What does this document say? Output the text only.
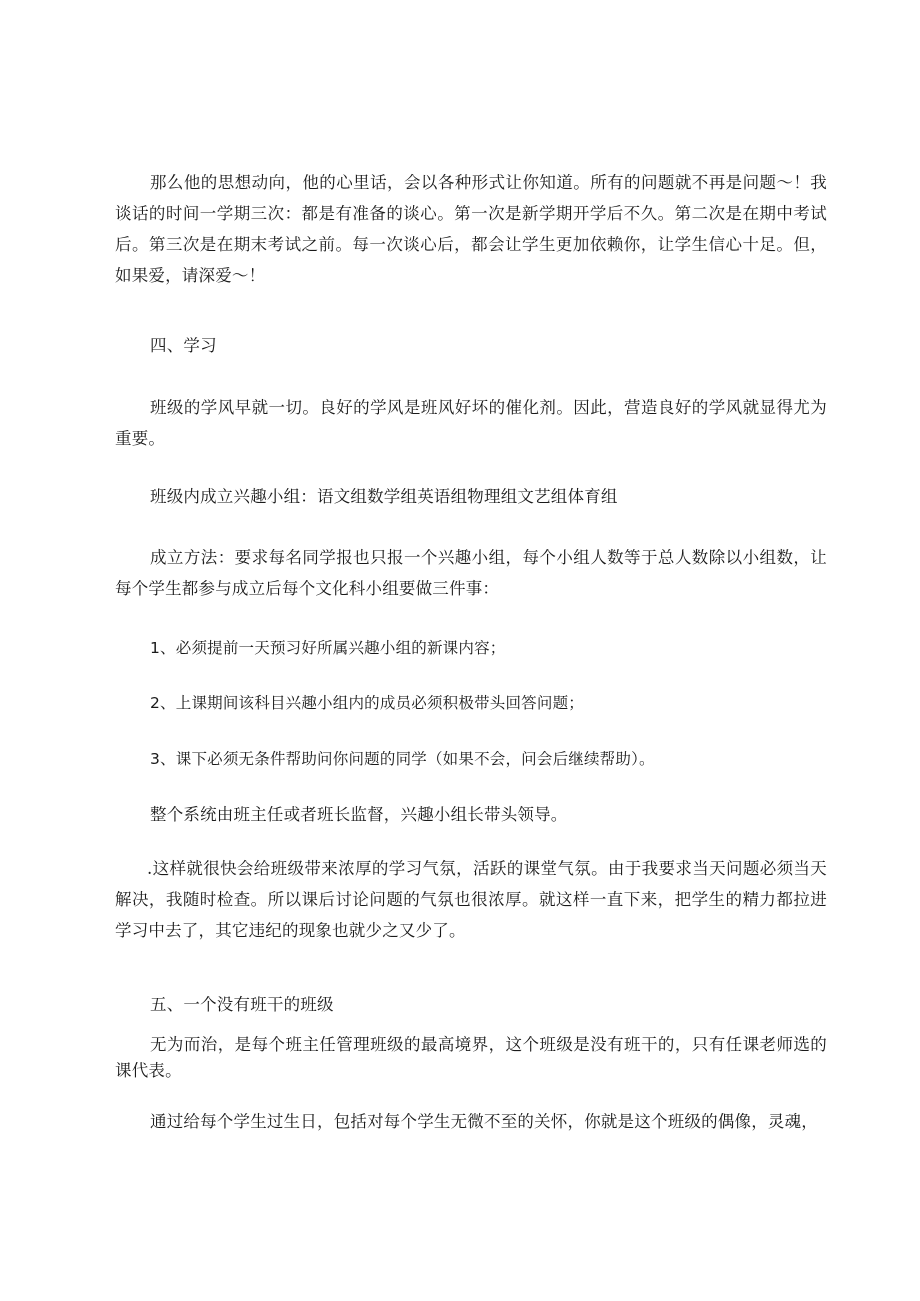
那么他的思想动向，他的心里话，会以各种形式让你知道。所有的问题就不再是问题～！我谈话的时间一学期三次：都是有准备的谈心。第一次是新学期开学后不久。第二次是在期中考试后。第三次是在期末考试之前。每一次谈心后，都会让学生更加依赖你，让学生信心十足。但，如果爱，请深爱～！

四、学习

班级的学风早就一切。良好的学风是班风好坏的催化剂。因此，营造良好的学风就显得尤为重要。

班级内成立兴趣小组：语文组数学组英语组物理组文艺组体育组

成立方法：要求每名同学报也只报一个兴趣小组，每个小组人数等于总人数除以小组数，让每个学生都参与成立后每个文化科小组要做三件事：

1、必须提前一天预习好所属兴趣小组的新课内容；

2、上课期间该科目兴趣小组内的成员必须积极带头回答问题；

3、课下必须无条件帮助问你问题的同学（如果不会，问会后继续帮助）。

整个系统由班主任或者班长监督，兴趣小组长带头领导。

.这样就很快会给班级带来浓厚的学习气氛，活跃的课堂气氛。由于我要求当天问题必须当天解决，我随时检查。所以课后讨论问题的气氛也很浓厚。就这样一直下来，把学生的精力都拉进学习中去了，其它违纪的现象也就少之又少了。

五、一个没有班干的班级

无为而治，是每个班主任管理班级的最高境界，这个班级是没有班干的，只有任课老师选的课代表。

通过给每个学生过生日，包括对每个学生无微不至的关怀，你就是这个班级的偶像，灵魂，
